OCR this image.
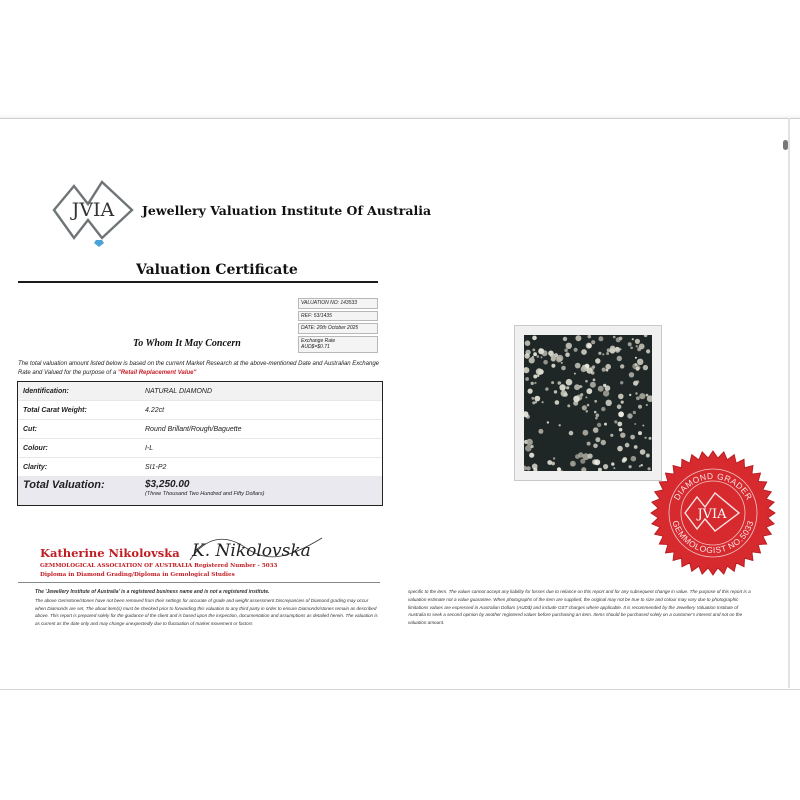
JVIA Jewellery Valuation Institute Of Australia
Valuation Certificate
VALUATION NO: 143533
REF: 53/1435
DATE: 20th October 2025
Exchange Rate
AUD$=$0.71
To Whom It May Concern
The total valuation amount listed below is based on the current Market Research at the above-mentioned Date and Australian Exchange Rate and Valued for the purpose of a "Retail Replacement Value"
Identification:	NATURAL DIAMOND
Total Carat Weight:	4.22ct
Cut:	Round Brillant/Rough/Baguette
Colour:	I-L
Clarity:	SI1-P2
Total Valuation:	$3,250.00
(Three Thousand Two Hundred and Fifty Dollars)	DIAMOND GRADER
JVIA
GEMMOLOGIST NO.5033
Katherine Nikolovska K. Nikolovska
GEMMOLOGICAL ASSOCIATION OF AUSTRALIA Registered Number - 5033
Diploma in Diamond Grading/Diploma in Gemological Studies
The 'Jewellery Institute of Australia' is a registered business name and is not a registered institute.
The above Gemstone/stones have not been removed from their settings for accurate of grade and weight assessment Discrepancies of Diamond grading may occur when Diamonds are set. The about item(s) must be checked prior to forwarding this valuation to any third party in order to ensure Diamonds/stones remain as described above. This report is prepared solely for the guidance of the client and is based upon the inspection, documentation and assumptions as detailed herein. The valuation is as current as the date only and may change unexpectedly due to fluctuation of market movement or factors
specific to the item. The valuer cannot accept any liability for losses due to reliance on this report and for any subsequent change in value. The purpose of this report is a valuation estimate not a value guarantee. When photographs of the item are supplied, the original may not be true to size and colour may vary due to photographic limitations values are expressed in Australian Dollars (AUD$) and include GST charges where applicable. It is recommended by the Jewellery Valuation Institute of Australia to seek a second opinion by another registered valuer before purchasing an item. Items should be purchased solely on a customer's interest and not on the valuation amount.
